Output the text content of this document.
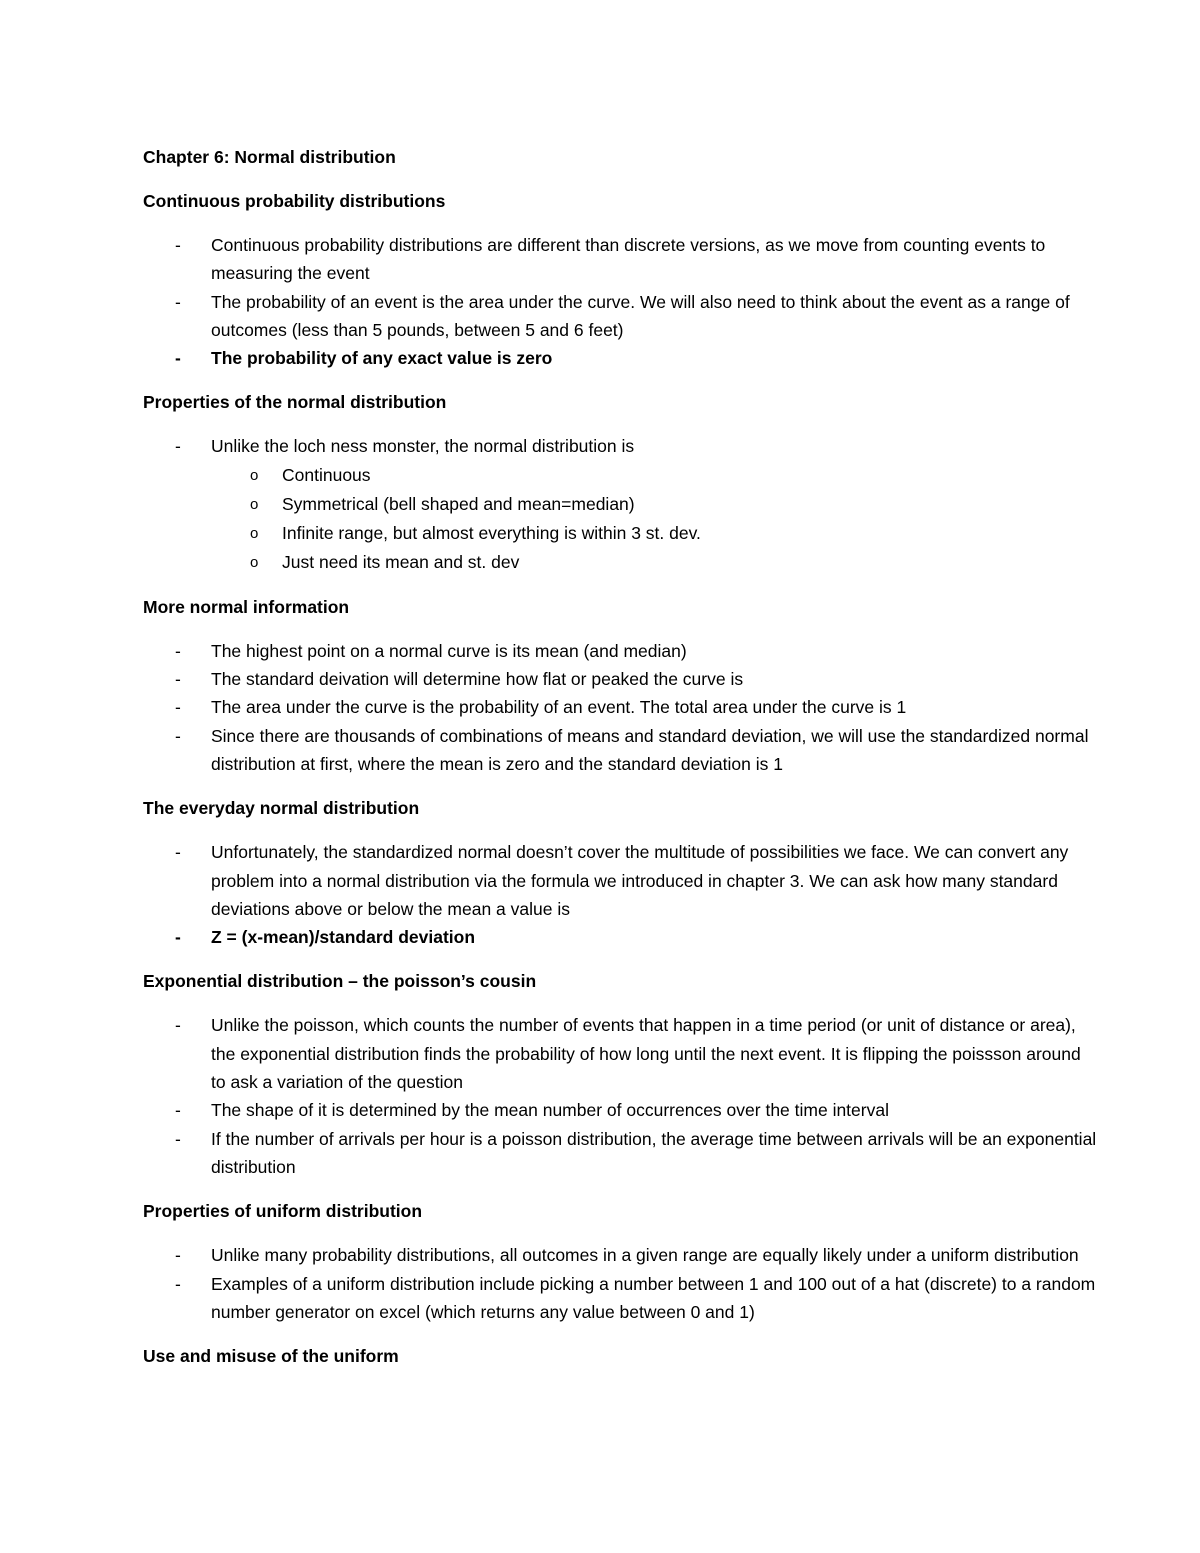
Chapter 6: Normal distribution

Continuous probability distributions

- Continuous probability distributions are different than discrete versions, as we move from counting events to measuring the event
- The probability of an event is the area under the curve. We will also need to think about the event as a range of outcomes (less than 5 pounds, between 5 and 6 feet)
- The probability of any exact value is zero

Properties of the normal distribution

- Unlike the loch ness monster, the normal distribution is
o Continuous
o Symmetrical (bell shaped and mean=median)
o Infinite range, but almost everything is within 3 st. dev.
o Just need its mean and st. dev

More normal information

- The highest point on a normal curve is its mean (and median)
- The standard deivation will determine how flat or peaked the curve is
- The area under the curve is the probability of an event. The total area under the curve is 1
- Since there are thousands of combinations of means and standard deviation, we will use the standardized normal distribution at first, where the mean is zero and the standard deviation is 1

The everyday normal distribution

- Unfortunately, the standardized normal doesn’t cover the multitude of possibilities we face. We can convert any problem into a normal distribution via the formula we introduced in chapter 3. We can ask how many standard deviations above or below the mean a value is
- Z = (x-mean)/standard deviation

Exponential distribution – the poisson’s cousin

- Unlike the poisson, which counts the number of events that happen in a time period (or unit of distance or area), the exponential distribution finds the probability of how long until the next event. It is flipping the poissson around to ask a variation of the question
- The shape of it is determined by the mean number of occurrences over the time interval
- If the number of arrivals per hour is a poisson distribution, the average time between arrivals will be an exponential distribution

Properties of uniform distribution

- Unlike many probability distributions, all outcomes in a given range are equally likely under a uniform distribution
- Examples of a uniform distribution include picking a number between 1 and 100 out of a hat (discrete) to a random number generator on excel (which returns any value between 0 and 1)

Use and misuse of the uniform
